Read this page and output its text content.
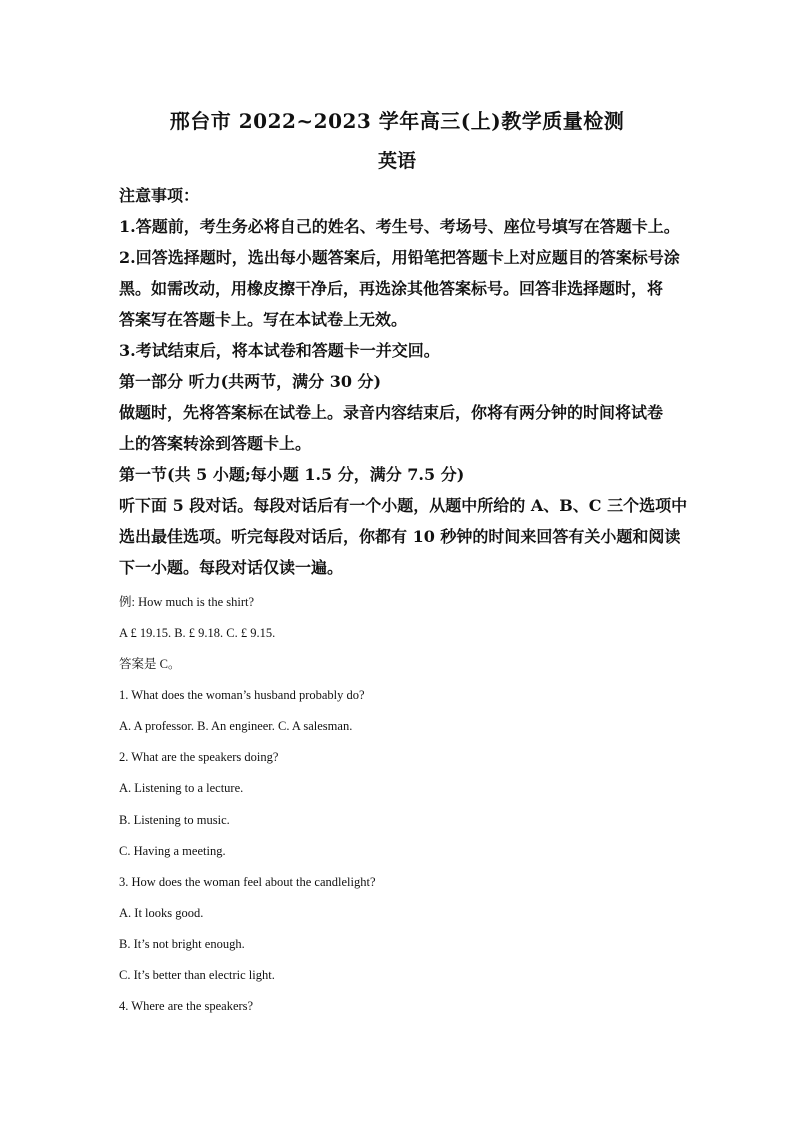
邢台市 2022~2023 学年高三(上)教学质量检测
英语
注意事项：
1.答题前，考生务必将自己的姓名、考生号、考场号、座位号填写在答题卡上。
2.回答选择题时，选出每小题答案后，用铅笔把答题卡上对应题目的答案标号涂
黑。如需改动，用橡皮擦干净后，再选涂其他答案标号。回答非选择题时，将
答案写在答题卡上。写在本试卷上无效。
3.考试结束后，将本试卷和答题卡一并交回。
第一部分 听力(共两节，满分 30 分)
做题时，先将答案标在试卷上。录音内容结束后，你将有两分钟的时间将试卷
上的答案转涂到答题卡上。
第一节(共 5 小题;每小题 1.5 分，满分 7.5 分)
听下面 5 段对话。每段对话后有一个小题，从题中所给的 A、B、C 三个选项中
选出最佳选项。听完每段对话后，你都有 10 秒钟的时间来回答有关小题和阅读
下一小题。每段对话仅读一遍。
例: How much is the shirt?
A £ 19.15. B. £ 9.18. C. £ 9.15.
答案是 C。
1. What does the woman’s husband probably do?
A. A professor. B. An engineer. C. A salesman.
2. What are the speakers doing?
A. Listening to a lecture.
B. Listening to music.
C. Having a meeting.
3. How does the woman feel about the candlelight?
A. It looks good.
B. It’s not bright enough.
C. It’s better than electric light.
4. Where are the speakers?
